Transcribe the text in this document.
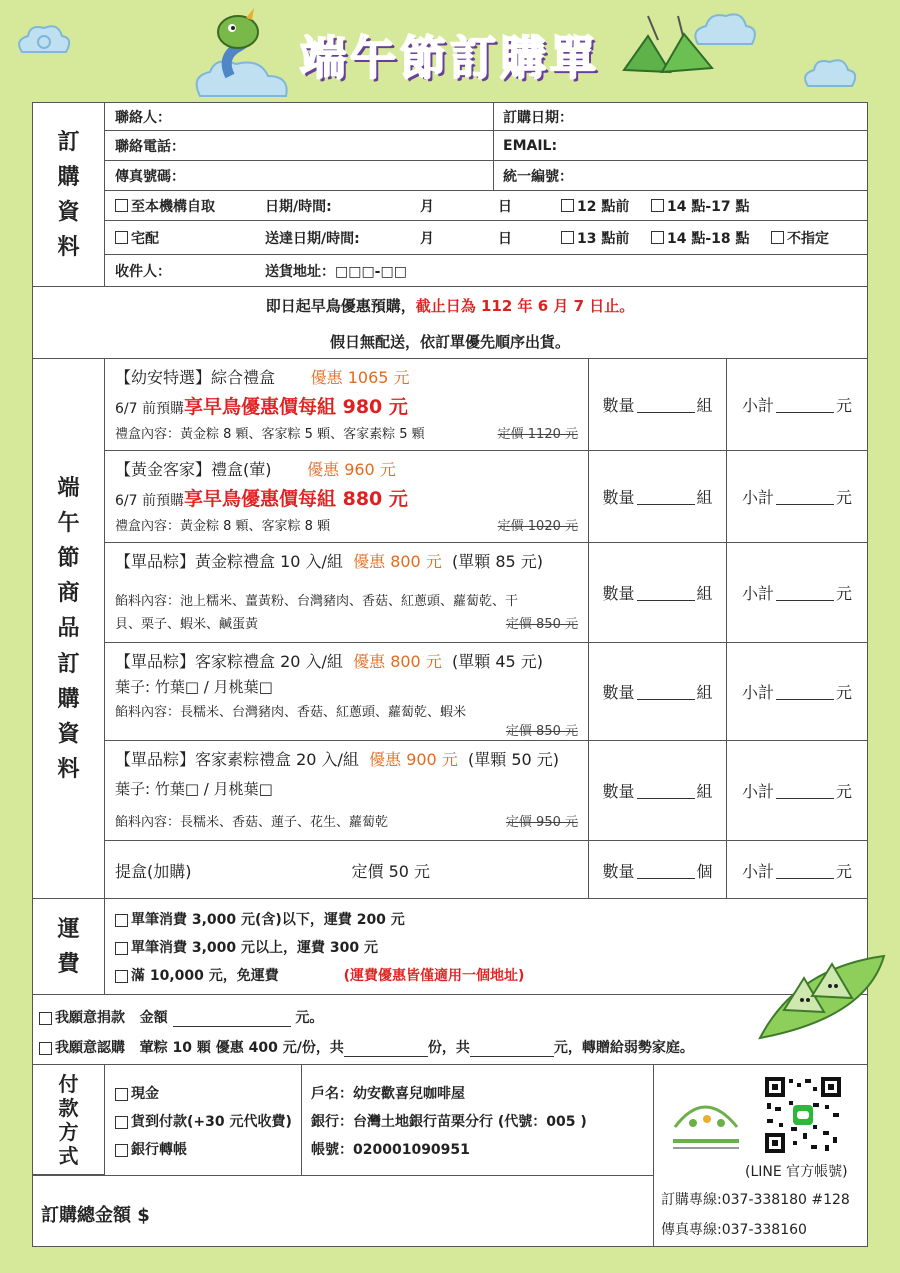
端午節訂購單
訂
購
資
料
聯絡人：	訂購日期：
聯絡電話：	EMAIL:
傳真號碼：	統一編號：
至本機構自取	日期/時間:	月	日	12 點前	14 點-17 點
宅配	送達日期/時間:	月	日	13 點前	14 點-18 點	不指定
收件人：	送貨地址：□□□-□□
即日起早鳥優惠預購，截止日為 112 年 6 月 7 日止。
假日無配送，依訂單優先順序出貨。
端
午
節
商
品
訂
購
資
料
【幼安特選】綜合禮盒 優惠 1065 元
6/7 前預購享早鳥優惠價每組 980 元
禮盒內容：黃金粽 8 顆、客家粽 5 顆、客家素粽 5 顆	定價 1120 元
數量	組 小計	元
【黃金客家】禮盒(葷) 優惠 960 元
6/7 前預購享早鳥優惠價每組 880 元
禮盒內容：黃金粽 8 顆、客家粽 8 顆	定價 1020 元
數量	組 小計	元
【單品粽】黃金粽禮盒 10 入/組 優惠 800 元 (單顆 85 元)
餡料內容：池上糯米、薑黃粉、台灣豬肉、香菇、紅蔥頭、蘿蔔乾、干
貝、栗子、蝦米、鹹蛋黃	定價 850 元
數量	組 小計	元
【單品粽】客家粽禮盒 20 入/組 優惠 800 元 (單顆 45 元)
葉子: 竹葉□ / 月桃葉□
餡料內容：長糯米、台灣豬肉、香菇、紅蔥頭、蘿蔔乾、蝦米
定價 850 元
數量	組 小計	元
【單品粽】客家素粽禮盒 20 入/組 優惠 900 元 (單顆 50 元)
葉子: 竹葉□ / 月桃葉□
餡料內容：長糯米、香菇、蓮子、花生、蘿蔔乾	定價 950 元
數量	組 小計	元
提盒(加購)	定價 50 元	數量	個 小計	元
運
費
單筆消費 3,000 元(含)以下，運費 200 元
單筆消費 3,000 元以上，運費 300 元
滿 10,000 元，免運費	(運費優惠皆僅適用一個地址)
我願意捐款 金額	元。
我願意認購 葷粽 10 顆 優惠 400 元/份，共	份，共	元，轉贈給弱勢家庭。
付
款
方
式
現金
貨到付款(+30 元代收費)
銀行轉帳
戶名：幼安歡喜兒咖啡屋
銀行：台灣土地銀行苗栗分行 (代號：005 )
帳號：020001090951
訂購總金額 $
(LINE 官方帳號)
訂購專線:037-338180 #128
傳真專線:037-338160
